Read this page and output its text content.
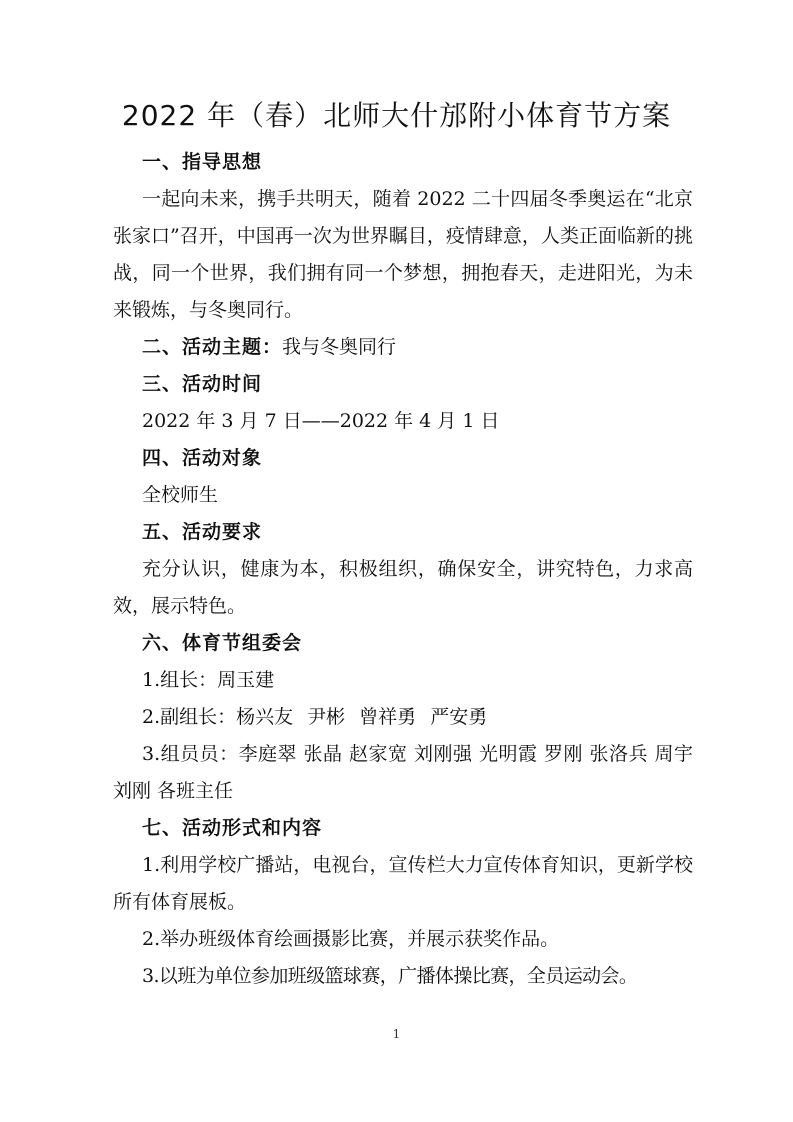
2022 年（春）北师大什邡附小体育节方案

一、指导思想

一起向未来，携手共明天，随着 2022 二十四届冬季奥运在“北京 张家口”召开，中国再一次为世界瞩目，疫情肆意，人类正面临新的挑战，同一个世界，我们拥有同一个梦想，拥抱春天，走进阳光，为未来锻炼，与冬奥同行。

二、活动主题：我与冬奥同行

三、活动时间

2022 年 3 月 7 日——2022 年 4 月 1 日

四、活动对象

全校师生

五、活动要求

充分认识，健康为本，积极组织，确保安全，讲究特色，力求高效，展示特色。

六、体育节组委会

1.组长：周玉建

2.副组长：杨兴友 尹彬 曾祥勇 严安勇

3.组员员：李庭翠 张晶 赵家宽 刘刚强 光明霞 罗刚 张洛兵 周宇 刘刚 各班主任

七、活动形式和内容

1.利用学校广播站，电视台，宣传栏大力宣传体育知识，更新学校所有体育展板。

2.举办班级体育绘画摄影比赛，并展示获奖作品。

3.以班为单位参加班级篮球赛，广播体操比赛，全员运动会。

1
